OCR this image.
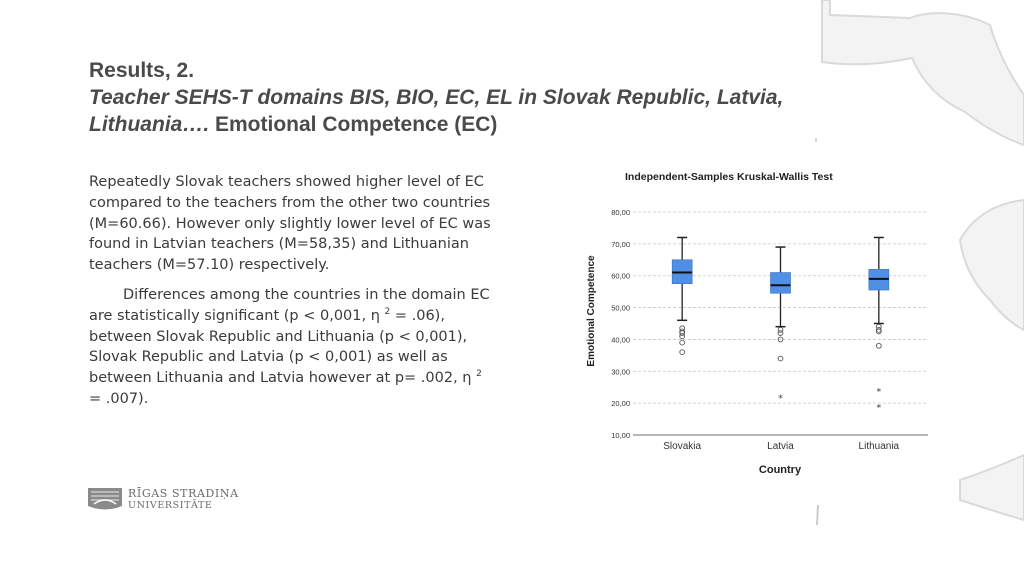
Results, 2.
Teacher SEHS-T domains BIS, BIO, EC, EL in Slovak Republic, Latvia,
Lithuania…. Emotional Competence (EC)

Repeatedly Slovak teachers showed higher level of EC compared to the teachers from the other two countries (M=60.66). However only slightly lower level of EC was found in Latvian teachers (M=58,35) and Lithuanian teachers (M=57.10) respectively.

Differences among the countries in the domain EC are statistically significant (p < 0,001, η $^2$ = .06), between Slovak Republic and Lithuania (p < 0,001), Slovak Republic and Latvia (p < 0,001) as well as between Lithuania and Latvia however at p= .002, η $^2$ = .007).

10,00
20,00
30,00
40,00
50,00
60,00
70,00
80,00
*
*
*
Slovakia	Latvia	Lithuania
Independent-Samples Kruskal-Wallis Test
Emotional Competence
Country
RĪGAS STRADIŅA
UNIVERSITĀTE
